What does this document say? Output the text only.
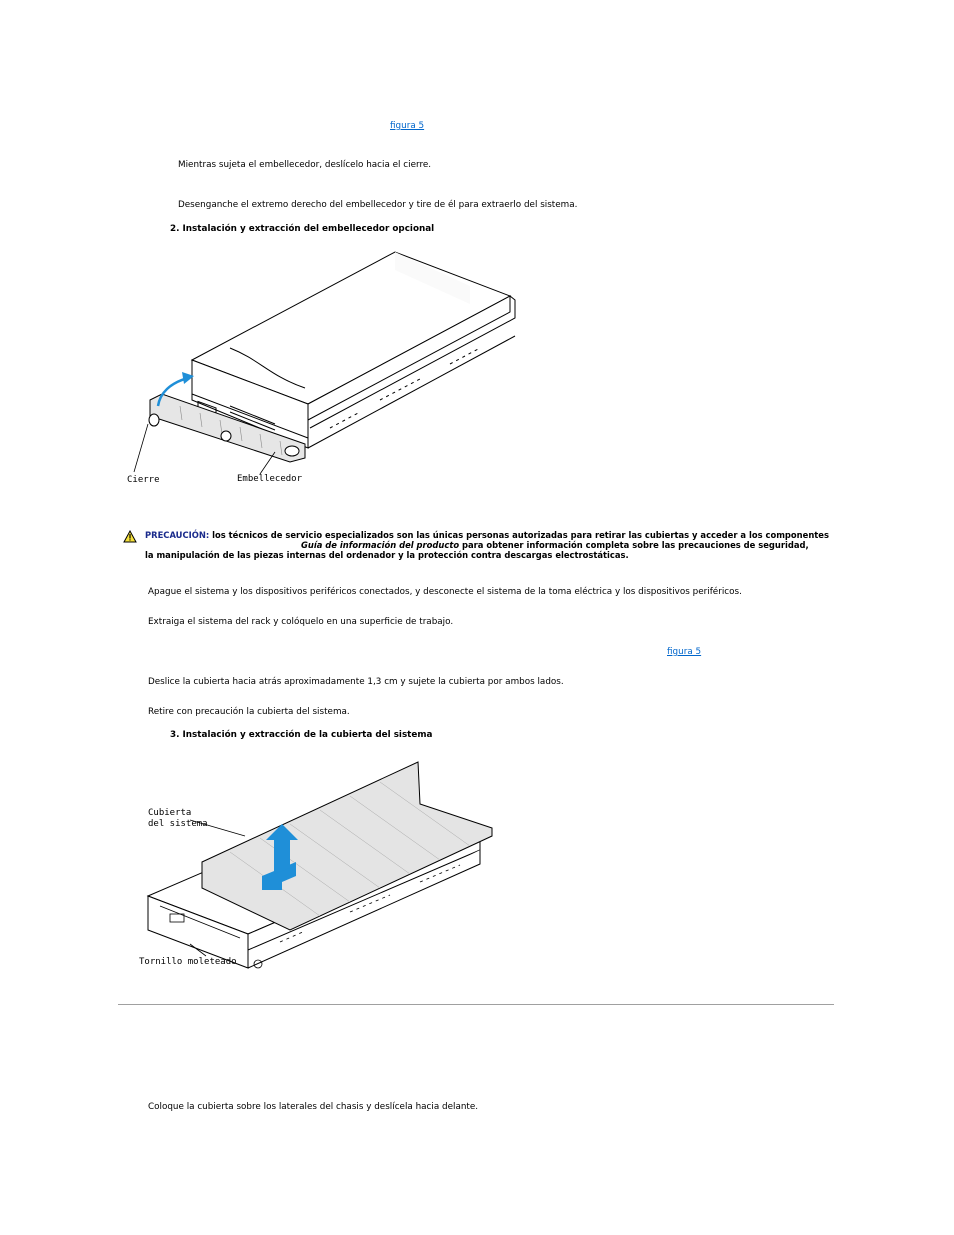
figura 5
Mientras sujeta el embellecedor, deslícelo hacia el cierre.
Desenganche el extremo derecho del embellecedor y tire de él para extraerlo del sistema.
2. Instalación y extracción del embellecedor opcional
Cierre	Embellecedor
PRECAUCIÓN: los técnicos de servicio especializados son las únicas personas autorizadas para retirar las cubiertas y acceder a los componentes
Guía de información del producto para obtener información completa sobre las precauciones de seguridad,
la manipulación de las piezas internas del ordenador y la protección contra descargas electrostáticas.
Apague el sistema y los dispositivos periféricos conectados, y desconecte el sistema de la toma eléctrica y los dispositivos periféricos.
Extraiga el sistema del rack y colóquelo en una superficie de trabajo.
figura 5
Deslice la cubierta hacia atrás aproximadamente 1,3 cm y sujete la cubierta por ambos lados.
Retire con precaución la cubierta del sistema.
3. Instalación y extracción de la cubierta del sistema
Cubierta
del sistema
Tornillo moleteado
Coloque la cubierta sobre los laterales del chasis y deslícela hacia delante.
